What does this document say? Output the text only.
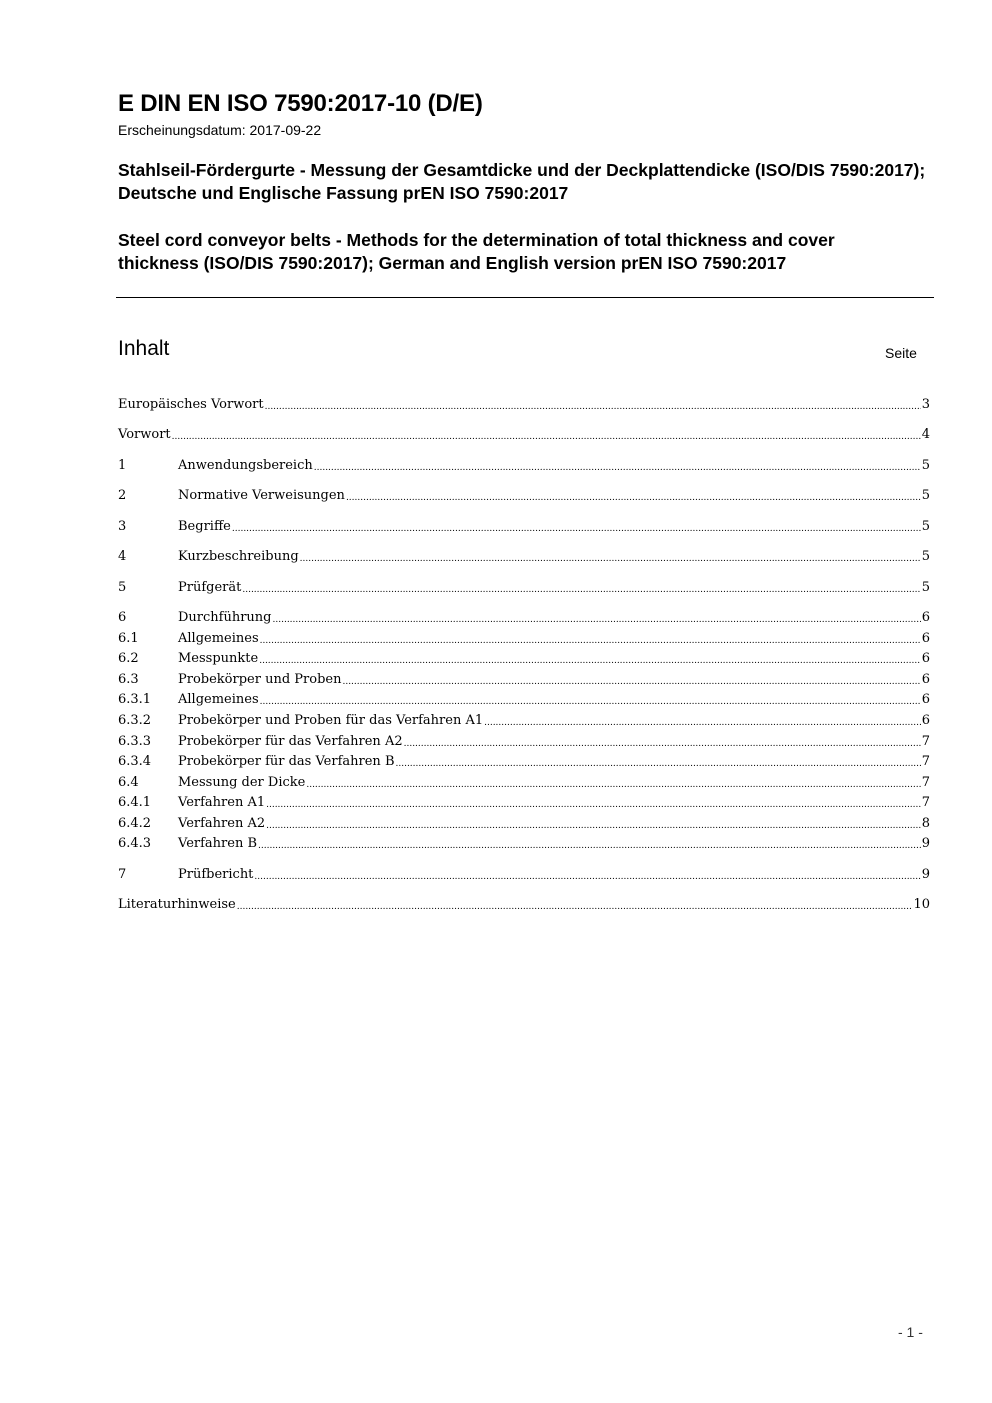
E DIN EN ISO 7590:2017-10 (D/E)
Erscheinungsdatum: 2017-09-22
Stahlseil-Fördergurte - Messung der Gesamtdicke und der Deckplattendicke (ISO/DIS 7590:2017); Deutsche und Englische Fassung prEN ISO 7590:2017
Steel cord conveyor belts - Methods for the determination of total thickness and cover thickness (ISO/DIS 7590:2017); German and English version prEN ISO 7590:2017
Inhalt	Seite
Europäisches Vorwort .....	3
Vorwort .....	4
1	Anwendungsbereich .....	5
2	Normative Verweisungen .....	5
3	Begriffe .....	5
4	Kurzbeschreibung .....	5
5	Prüfgerät .....	5
6	Durchführung .....	6
6.1	Allgemeines .....	6
6.2	Messpunkte .....	6
6.3	Probekörper und Proben .....	6
6.3.1	Allgemeines .....	6
6.3.2	Probekörper und Proben für das Verfahren A1 .....	6
6.3.3	Probekörper für das Verfahren A2 .....	7
6.3.4	Probekörper für das Verfahren B .....	7
6.4	Messung der Dicke .....	7
6.4.1	Verfahren A1 .....	7
6.4.2	Verfahren A2 .....	8
6.4.3	Verfahren B .....	9
7	Prüfbericht .....	9
Literaturhinweise .....	10
- 1 -
